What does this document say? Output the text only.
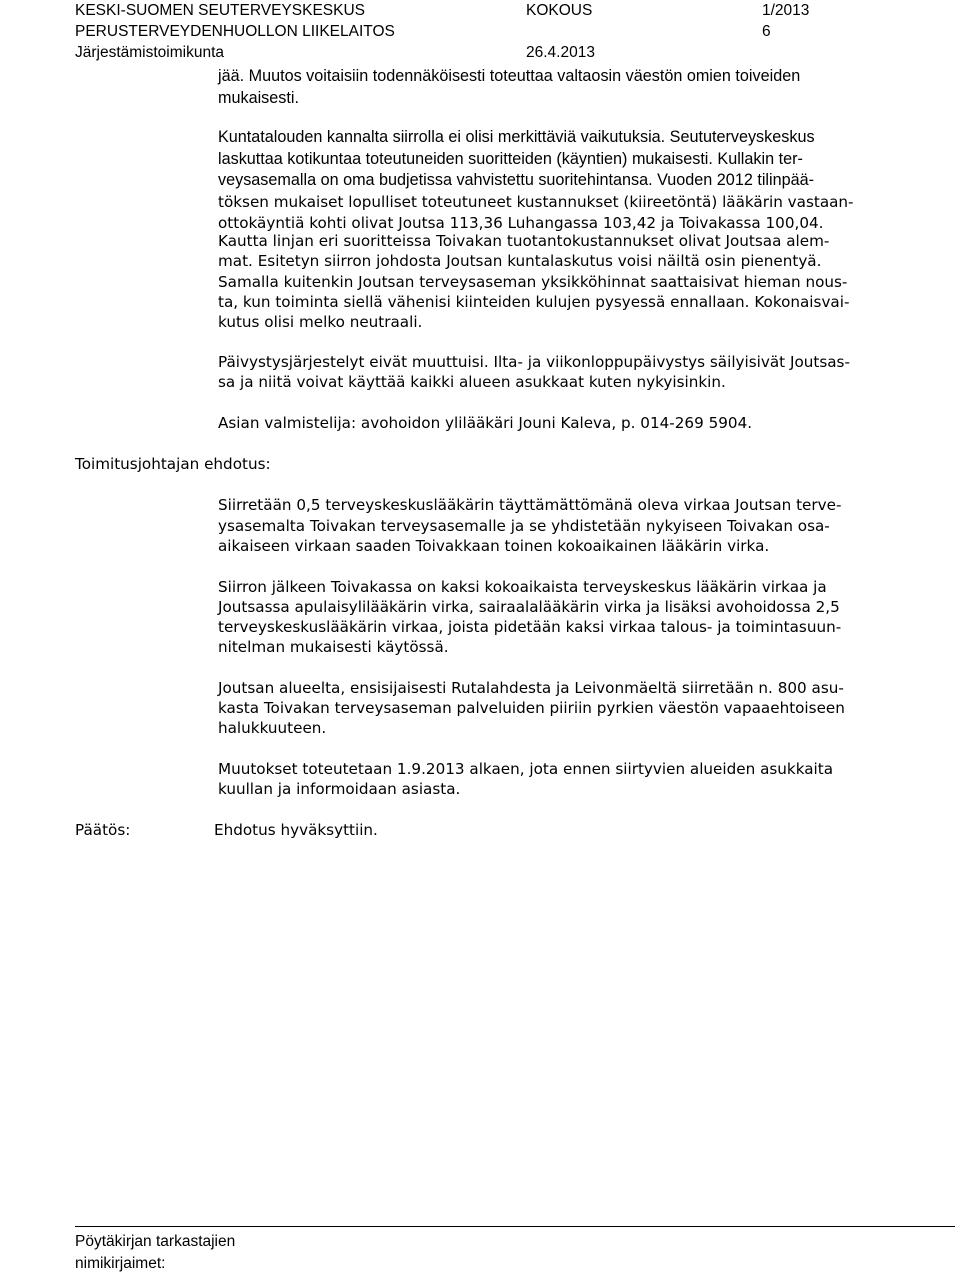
KESKI-SUOMEN SEUTERVEYSKESKUS
PERUSTERVEYDENHUOLLON LIIKELAITOS
Järjestämistoimikunta
KOKOUS
26.4.2013
1/2013
6
jää. Muutos voitaisiin todennäköisesti toteuttaa valtaosin väestön omien toiveiden
mukaisesti.
Kuntatalouden kannalta siirrolla ei olisi merkittäviä vaikutuksia. Seututerveyskeskus
laskuttaa kotikuntaa toteutuneiden suoritteiden (käyntien) mukaisesti. Kullakin ter-
veysasemalla on oma budjetissa vahvistettu suoritehintansa. Vuoden 2012 tilinpää-
töksen mukaiset lopulliset toteutuneet kustannukset (kiireetöntä) lääkärin vastaan-
ottokäyntiä kohti olivat Joutsa 113,36 Luhangassa 103,42 ja Toivakassa 100,04.
Kautta linjan eri suoritteissa Toivakan tuotantokustannukset olivat Joutsaa alem-
mat. Esitetyn siirron johdosta Joutsan kuntalaskutus voisi näiltä osin pienentyä.
Samalla kuitenkin Joutsan terveysaseman yksikköhinnat saattaisivat hieman nous-
ta, kun toiminta siellä vähenisi kiinteiden kulujen pysyessä ennallaan. Kokonaisvai-
kutus olisi melko neutraali.
Päivystysjärjestelyt eivät muuttuisi. Ilta- ja viikonloppupäivystys säilyisivät Joutsas-
sa ja niitä voivat käyttää kaikki alueen asukkaat kuten nykyisinkin.
Asian valmistelija: avohoidon ylilääkäri Jouni Kaleva, p. 014-269 5904.
Toimitusjohtajan ehdotus:
Siirretään 0,5 terveyskeskuslääkärin täyttämättömänä oleva virkaa Joutsan terve-
ysasemalta Toivakan terveysasemalle ja se yhdistetään nykyiseen Toivakan osa-
aikaiseen virkaan saaden Toivakkaan toinen kokoaikainen lääkärin virka.
Siirron jälkeen Toivakassa on kaksi kokoaikaista terveyskeskus lääkärin virkaa ja
Joutsassa apulaisylilääkärin virka, sairaalalääkärin virka ja lisäksi avohoidossa 2,5
terveyskeskuslääkärin virkaa, joista pidetään kaksi virkaa talous- ja toimintasuun-
nitelman mukaisesti käytössä.
Joutsan alueelta, ensisijaisesti Rutalahdesta ja Leivonmäeltä siirretään n. 800 asu-
kasta Toivakan terveysaseman palveluiden piiriin pyrkien väestön vapaaehtoiseen
halukkuuteen.
Muutokset toteutetaan 1.9.2013 alkaen, jota ennen siirtyvien alueiden asukkaita
kuullan ja informoidaan asiasta.
Päätös:	Ehdotus hyväksyttiin.
Pöytäkirjan tarkastajien
nimikirjaimet:
